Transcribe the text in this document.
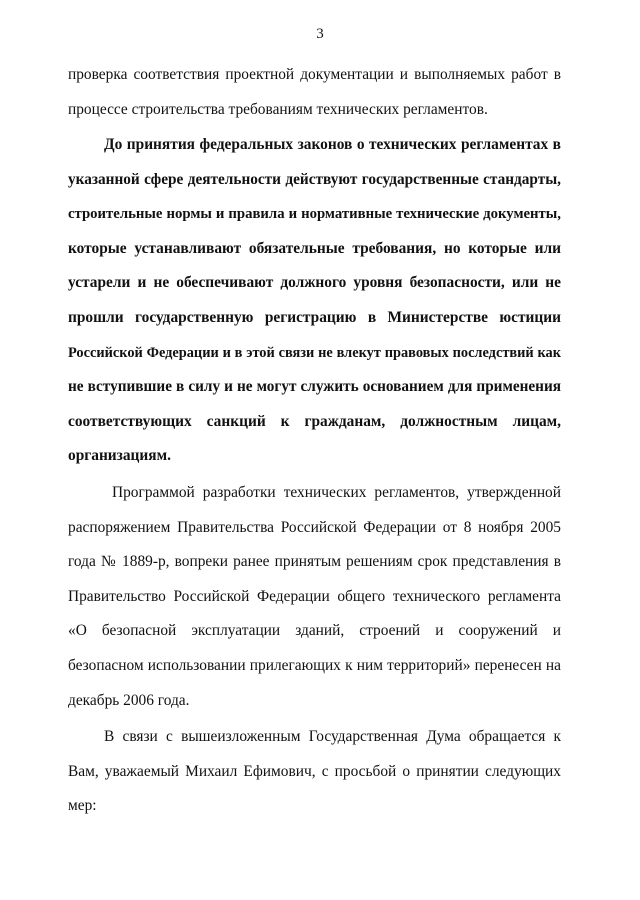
3
проверка соответствия проектной документации и выполняемых работ в
процессе строительства требованиям технических регламентов.
До принятия федеральных законов о технических регламентах в
указанной сфере деятельности действуют государственные стандарты,
строительные нормы и правила и нормативные технические документы,
которые устанавливают обязательные требования, но которые или
устарели и не обеспечивают должного уровня безопасности, или не
прошли государственную регистрацию в Министерстве юстиции
Российской Федерации и в этой связи не влекут правовых последствий как
не вступившие в силу и не могут служить основанием для применения
соответствующих санкций к гражданам, должностным лицам,
организациям.
Программой разработки технических регламентов, утвержденной
распоряжением Правительства Российской Федерации от 8 ноября 2005
года № 1889-р, вопреки ранее принятым решениям срок представления в
Правительство Российской Федерации общего технического регламента
«О безопасной эксплуатации зданий, строений и сооружений и
безопасном использовании прилегающих к ним территорий» перенесен на
декабрь 2006 года.
В связи с вышеизложенным Государственная Дума обращается к
Вам, уважаемый Михаил Ефимович, с просьбой о принятии следующих
мер:
